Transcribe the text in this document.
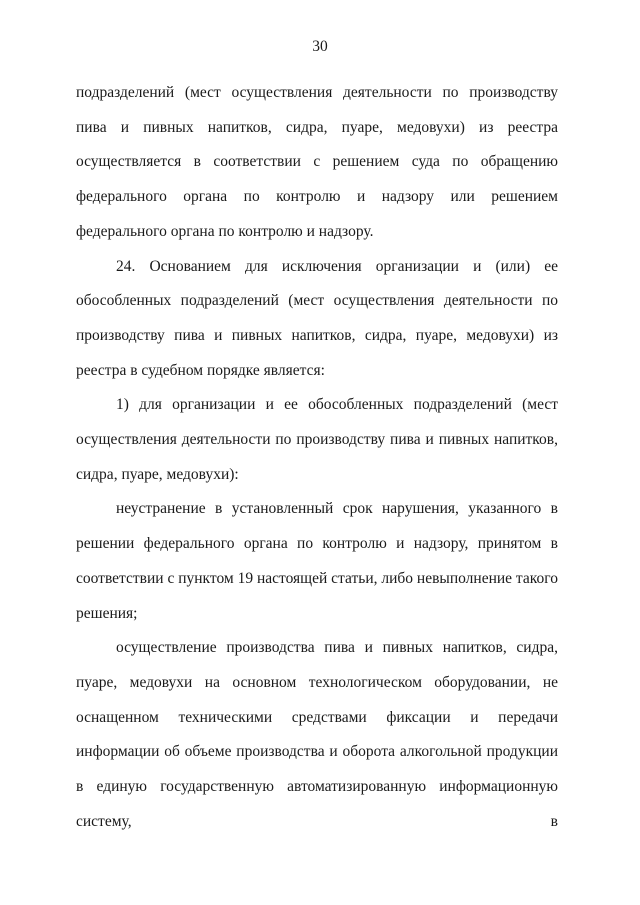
30

подразделений (мест осуществления деятельности по производству пива и пивных напитков, сидра, пуаре, медовухи) из реестра осуществляется в соответствии с решением суда по обращению федерального органа по контролю и надзору или решением федерального органа по контролю и надзору.

24. Основанием для исключения организации и (или) ее обособленных подразделений (мест осуществления деятельности по производству пива и пивных напитков, сидра, пуаре, медовухи) из реестра в судебном порядке является:

1) для организации и ее обособленных подразделений (мест осуществления деятельности по производству пива и пивных напитков, сидра, пуаре, медовухи):

неустранение в установленный срок нарушения, указанного в решении федерального органа по контролю и надзору, принятом в соответствии с пунктом 19 настоящей статьи, либо невыполнение такого решения;

осуществление производства пива и пивных напитков, сидра, пуаре, медовухи на основном технологическом оборудовании, не оснащенном техническими средствами фиксации и передачи информации об объеме производства и оборота алкогольной продукции в единую государственную автоматизированную информационную систему, в
